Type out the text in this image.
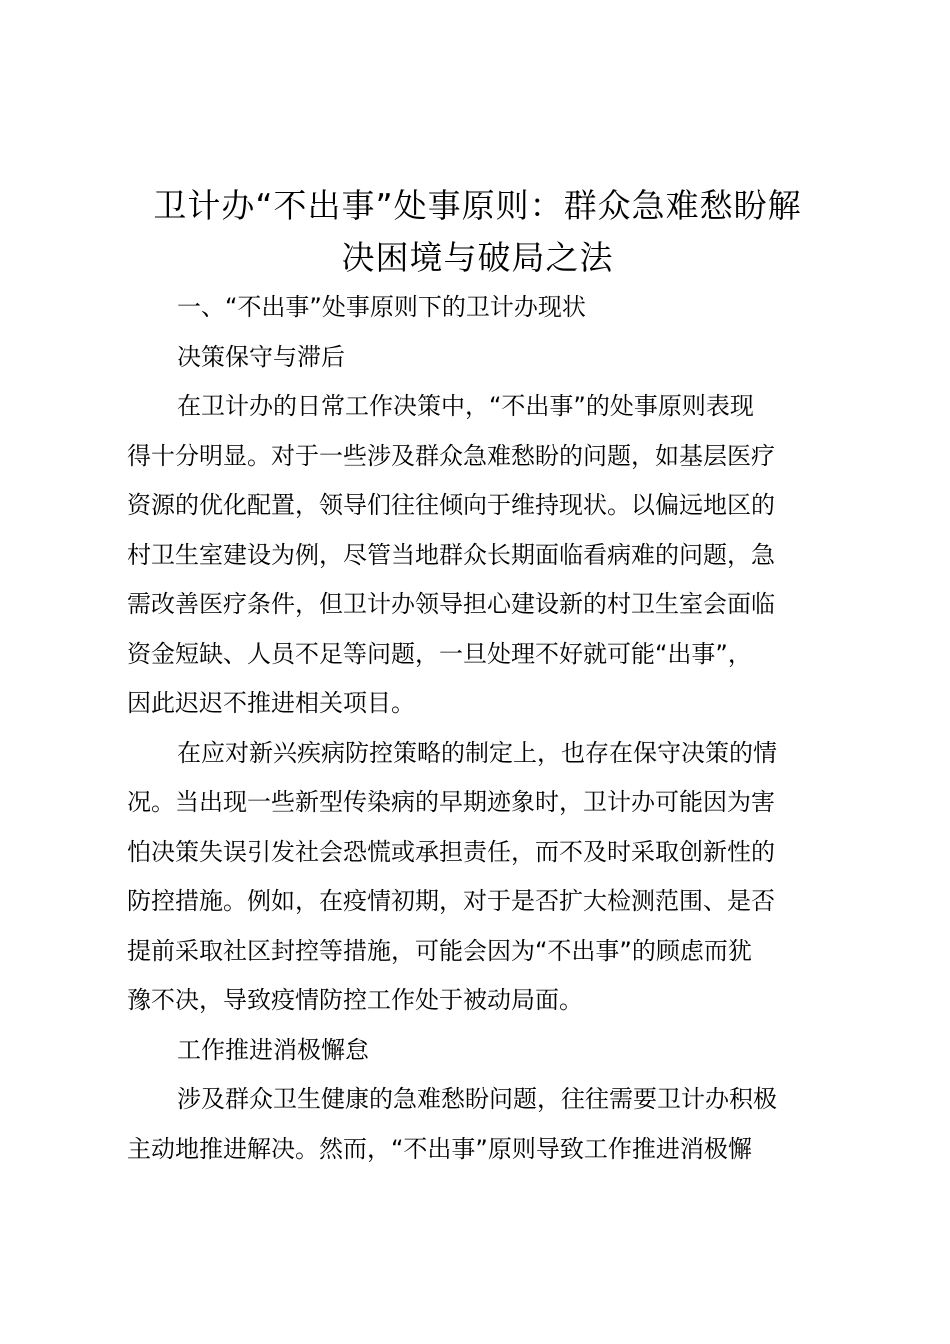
卫计办“不出事”处事原则：群众急难愁盼解
决困境与破局之法

一、“不出事”处事原则下的卫计办现状

决策保守与滞后

在卫计办的日常工作决策中，“不出事”的处事原则表现

得十分明显。对于一些涉及群众急难愁盼的问题，如基层医疗

资源的优化配置，领导们往往倾向于维持现状。以偏远地区的

村卫生室建设为例，尽管当地群众长期面临看病难的问题，急

需改善医疗条件，但卫计办领导担心建设新的村卫生室会面临

资金短缺、人员不足等问题，一旦处理不好就可能“出事”，

因此迟迟不推进相关项目。

在应对新兴疾病防控策略的制定上，也存在保守决策的情

况。当出现一些新型传染病的早期迹象时，卫计办可能因为害

怕决策失误引发社会恐慌或承担责任，而不及时采取创新性的

防控措施。例如，在疫情初期，对于是否扩大检测范围、是否

提前采取社区封控等措施，可能会因为“不出事”的顾虑而犹

豫不决，导致疫情防控工作处于被动局面。

工作推进消极懈怠

涉及群众卫生健康的急难愁盼问题，往往需要卫计办积极

主动地推进解决。然而，“不出事”原则导致工作推进消极懈
